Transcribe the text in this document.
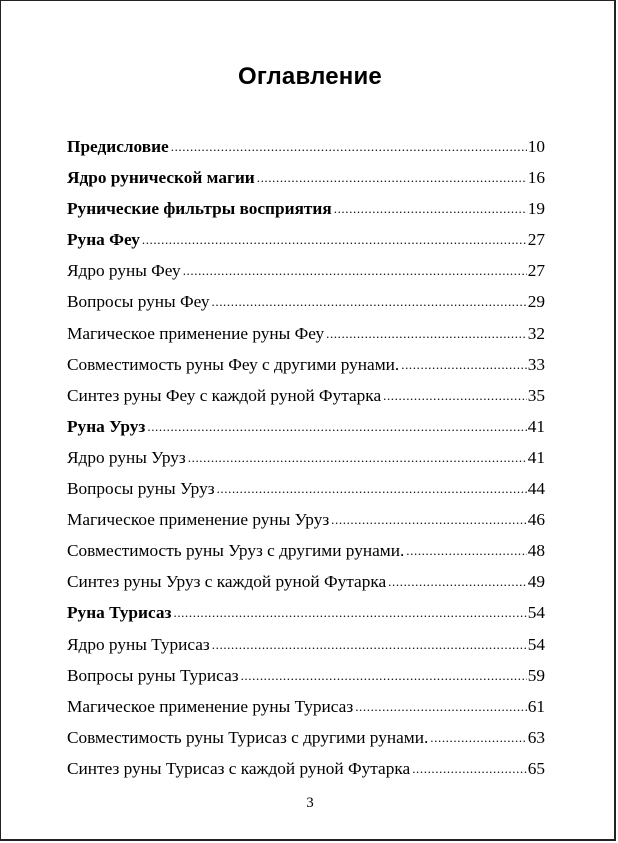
Оглавление
Предисловие .....	10
Ядро рунической магии .....	16
Рунические фильтры восприятия .....	19
Руна Феу .....	27
Ядро руны Феу .....	27
Вопросы руны Феу .....	29
Магическое применение руны Феу .....	32
Совместимость руны Феу с другими рунами. .....	33
Синтез руны Феу с каждой руной Футарка .....	35
Руна Уруз .....	41
Ядро руны Уруз .....	41
Вопросы руны Уруз .....	44
Магическое применение руны Уруз .....	46
Совместимость руны Уруз с другими рунами. .....	48
Синтез руны Уруз с каждой руной Футарка .....	49
Руна Турисаз .....	54
Ядро руны Турисаз .....	54
Вопросы руны Турисаз .....	59
Магическое применение руны Турисаз .....	61
Совместимость руны Турисаз с другими рунами. .....	63
Синтез руны Турисаз с каждой руной Футарка .....	65
3
